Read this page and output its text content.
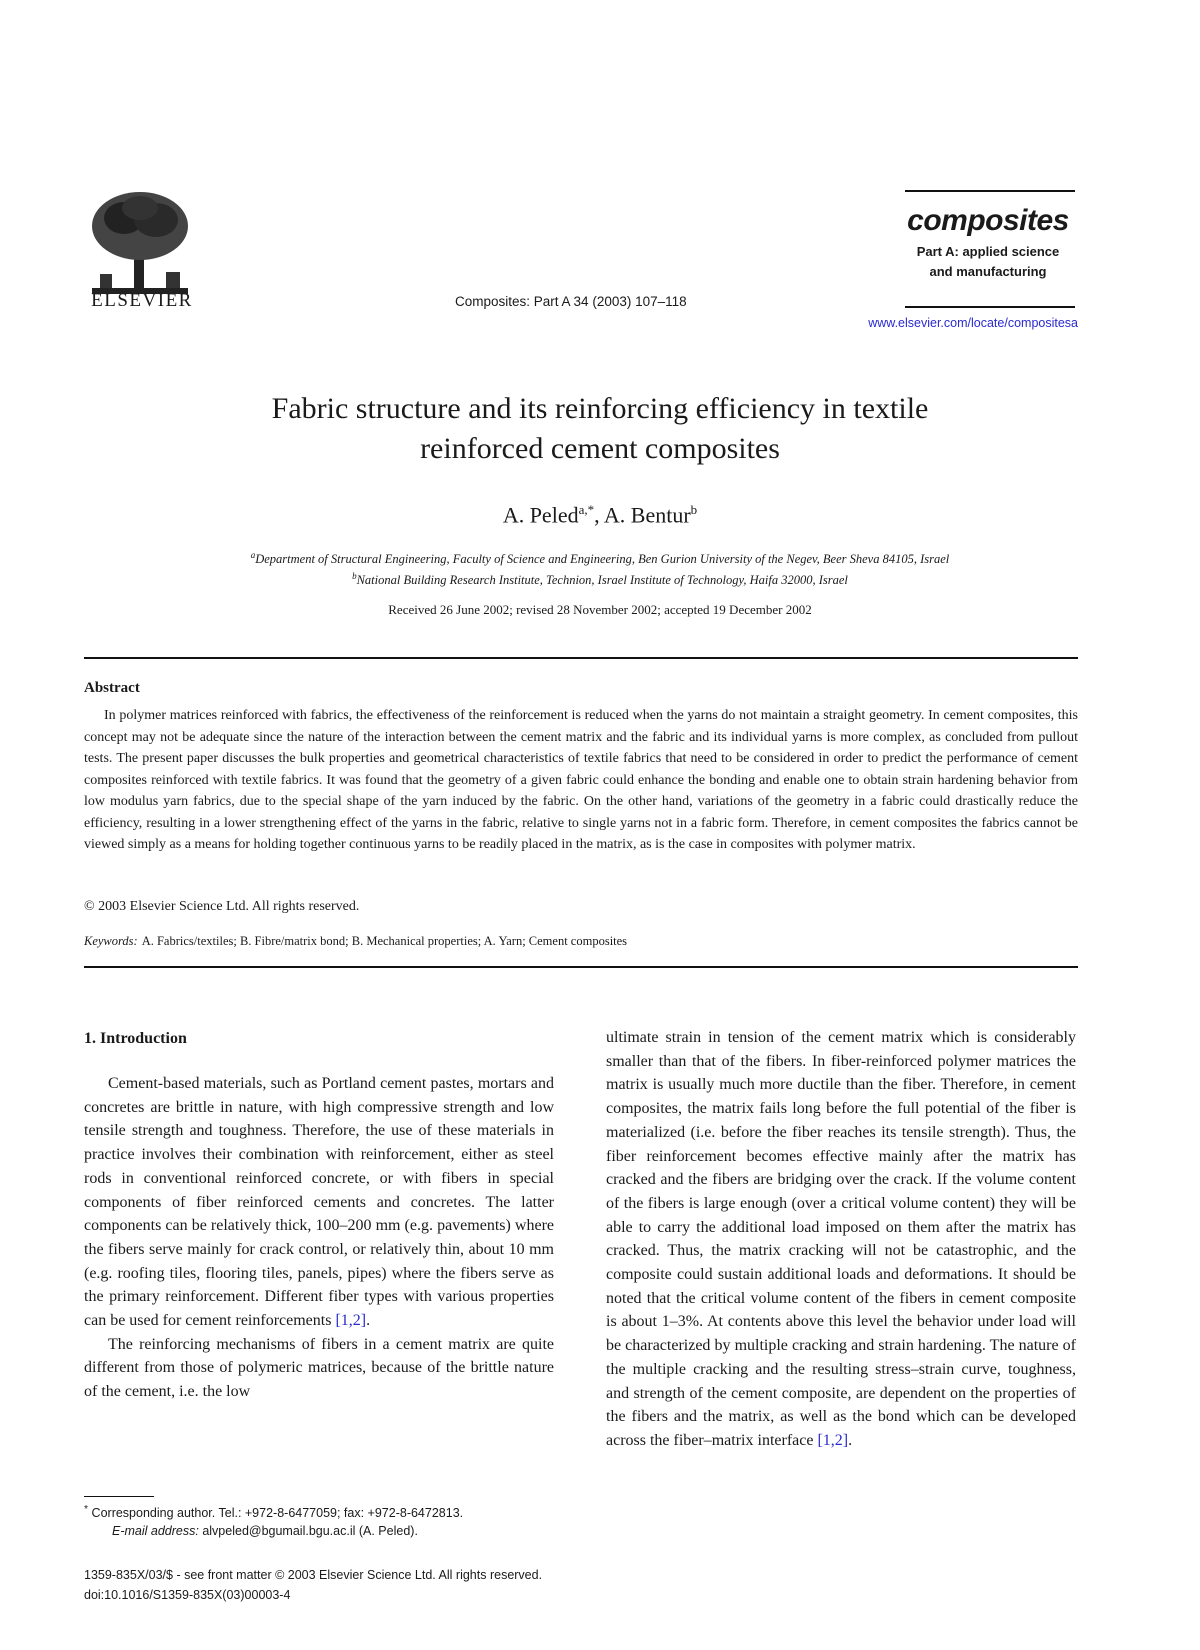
ELSEVIER	Composites: Part A 34 (2003) 107–118
composites
Part A: applied science
and manufacturing
www.elsevier.com/locate/compositesa
Fabric structure and its reinforcing efficiency in textile
reinforced cement composites
A. Peled$^{a,*}$, A. Bentur$^b$
$^a$Department of Structural Engineering, Faculty of Science and Engineering, Ben Gurion University of the Negev, Beer Sheva 84105, Israel
$^b$National Building Research Institute, Technion, Israel Institute of Technology, Haifa 32000, Israel
Received 26 June 2002; revised 28 November 2002; accepted 19 December 2002
Abstract

In polymer matrices reinforced with fabrics, the effectiveness of the reinforcement is reduced when the yarns do not maintain a straight geometry. In cement composites, this concept may not be adequate since the nature of the interaction between the cement matrix and the fabric and its individual yarns is more complex, as concluded from pullout tests. The present paper discusses the bulk properties and geometrical characteristics of textile fabrics that need to be considered in order to predict the performance of cement composites reinforced with textile fabrics. It was found that the geometry of a given fabric could enhance the bonding and enable one to obtain strain hardening behavior from low modulus yarn fabrics, due to the special shape of the yarn induced by the fabric. On the other hand, variations of the geometry in a fabric could drastically reduce the efficiency, resulting in a lower strengthening effect of the yarns in the fabric, relative to single yarns not in a fabric form. Therefore, in cement composites the fabrics cannot be viewed simply as a means for holding together continuous yarns to be readily placed in the matrix, as is the case in composites with polymer matrix.

© 2003 Elsevier Science Ltd. All rights reserved.
Keywords: A. Fabrics/textiles; B. Fibre/matrix bond; B. Mechanical properties; A. Yarn; Cement composites
1. Introduction

Cement-based materials, such as Portland cement pastes, mortars and concretes are brittle in nature, with high compressive strength and low tensile strength and toughness. Therefore, the use of these materials in practice involves their combination with reinforcement, either as steel rods in conventional reinforced concrete, or with fibers in special components of fiber reinforced cements and concretes. The latter components can be relatively thick, 100–200 mm (e.g. pavements) where the fibers serve mainly for crack control, or relatively thin, about 10 mm (e.g. roofing tiles, flooring tiles, panels, pipes) where the fibers serve as the primary reinforcement. Different fiber types with various properties can be used for cement reinforcements [1,2].

The reinforcing mechanisms of fibers in a cement matrix are quite different from those of polymeric matrices, because of the brittle nature of the cement, i.e. the low

ultimate strain in tension of the cement matrix which is considerably smaller than that of the fibers. In fiber-reinforced polymer matrices the matrix is usually much more ductile than the fiber. Therefore, in cement composites, the matrix fails long before the full potential of the fiber is materialized (i.e. before the fiber reaches its tensile strength). Thus, the fiber reinforcement becomes effective mainly after the matrix has cracked and the fibers are bridging over the crack. If the volume content of the fibers is large enough (over a critical volume content) they will be able to carry the additional load imposed on them after the matrix has cracked. Thus, the matrix cracking will not be catastrophic, and the composite could sustain additional loads and deformations. It should be noted that the critical volume content of the fibers in cement composite is about 1–3%. At contents above this level the behavior under load will be characterized by multiple cracking and strain hardening. The nature of the multiple cracking and the resulting stress–strain curve, toughness, and strength of the cement composite, are dependent on the properties of the fibers and the matrix, as well as the bond which can be developed across the fiber–matrix interface [1,2].

* Corresponding author. Tel.: +972-8-6477059; fax: +972-8-6472813.
E-mail address: alvpeled@bgumail.bgu.ac.il (A. Peled).
1359-835X/03/$ - see front matter © 2003 Elsevier Science Ltd. All rights reserved.
doi:10.1016/S1359-835X(03)00003-4
